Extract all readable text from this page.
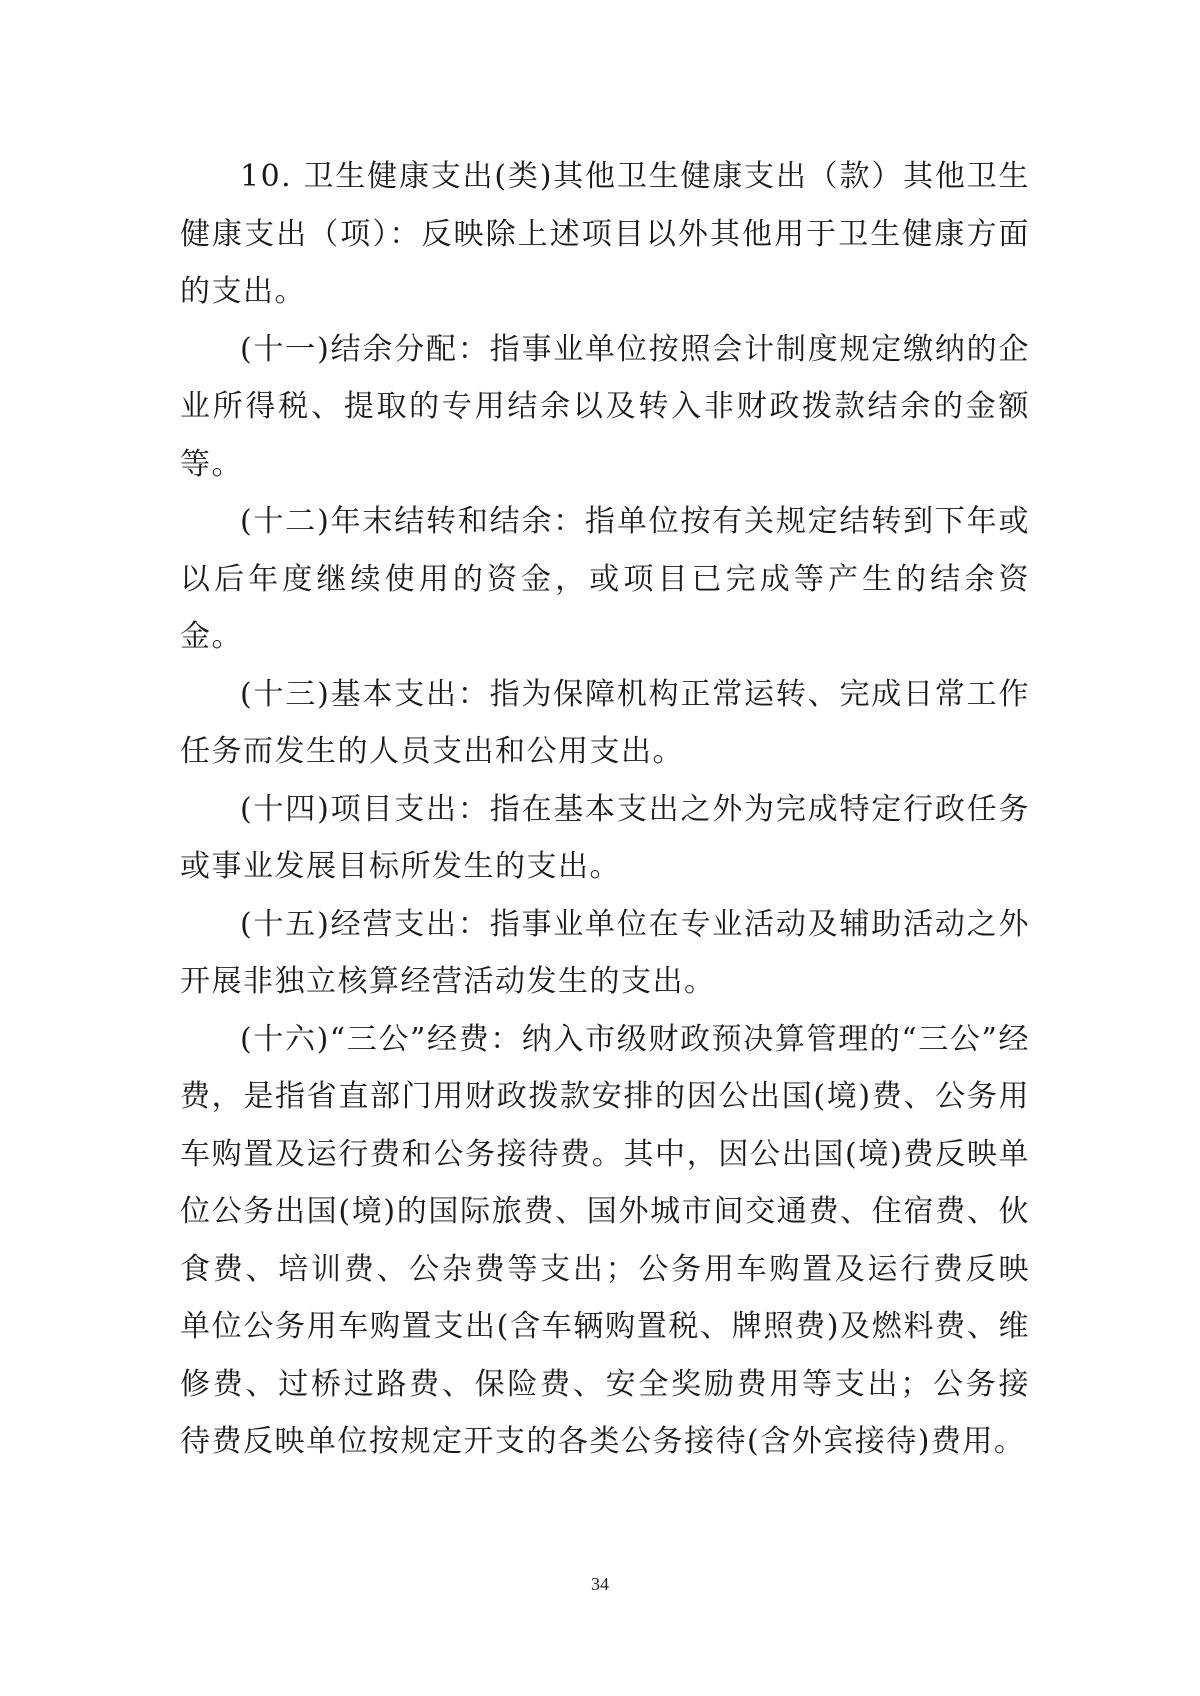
10. 卫生健康支出(类)其他卫生健康支出（款）其他卫生健康支出（项）：反映除上述项目以外其他用于卫生健康方面的支出。

(十一)结余分配：指事业单位按照会计制度规定缴纳的企业所得税、提取的专用结余以及转入非财政拨款结余的金额等。

(十二)年末结转和结余：指单位按有关规定结转到下年或以后年度继续使用的资金，或项目已完成等产生的结余资金。

(十三)基本支出：指为保障机构正常运转、完成日常工作任务而发生的人员支出和公用支出。

(十四)项目支出：指在基本支出之外为完成特定行政任务或事业发展目标所发生的支出。

(十五)经营支出：指事业单位在专业活动及辅助活动之外开展非独立核算经营活动发生的支出。

(十六)“三公”经费：纳入市级财政预决算管理的“三公”经费，是指省直部门用财政拨款安排的因公出国(境)费、公务用车购置及运行费和公务接待费。其中，因公出国(境)费反映单位公务出国(境)的国际旅费、国外城市间交通费、住宿费、伙食费、培训费、公杂费等支出；公务用车购置及运行费反映单位公务用车购置支出(含车辆购置税、牌照费)及燃料费、维修费、过桥过路费、保险费、安全奖励费用等支出；公务接待费反映单位按规定开支的各类公务接待(含外宾接待)费用。

34
